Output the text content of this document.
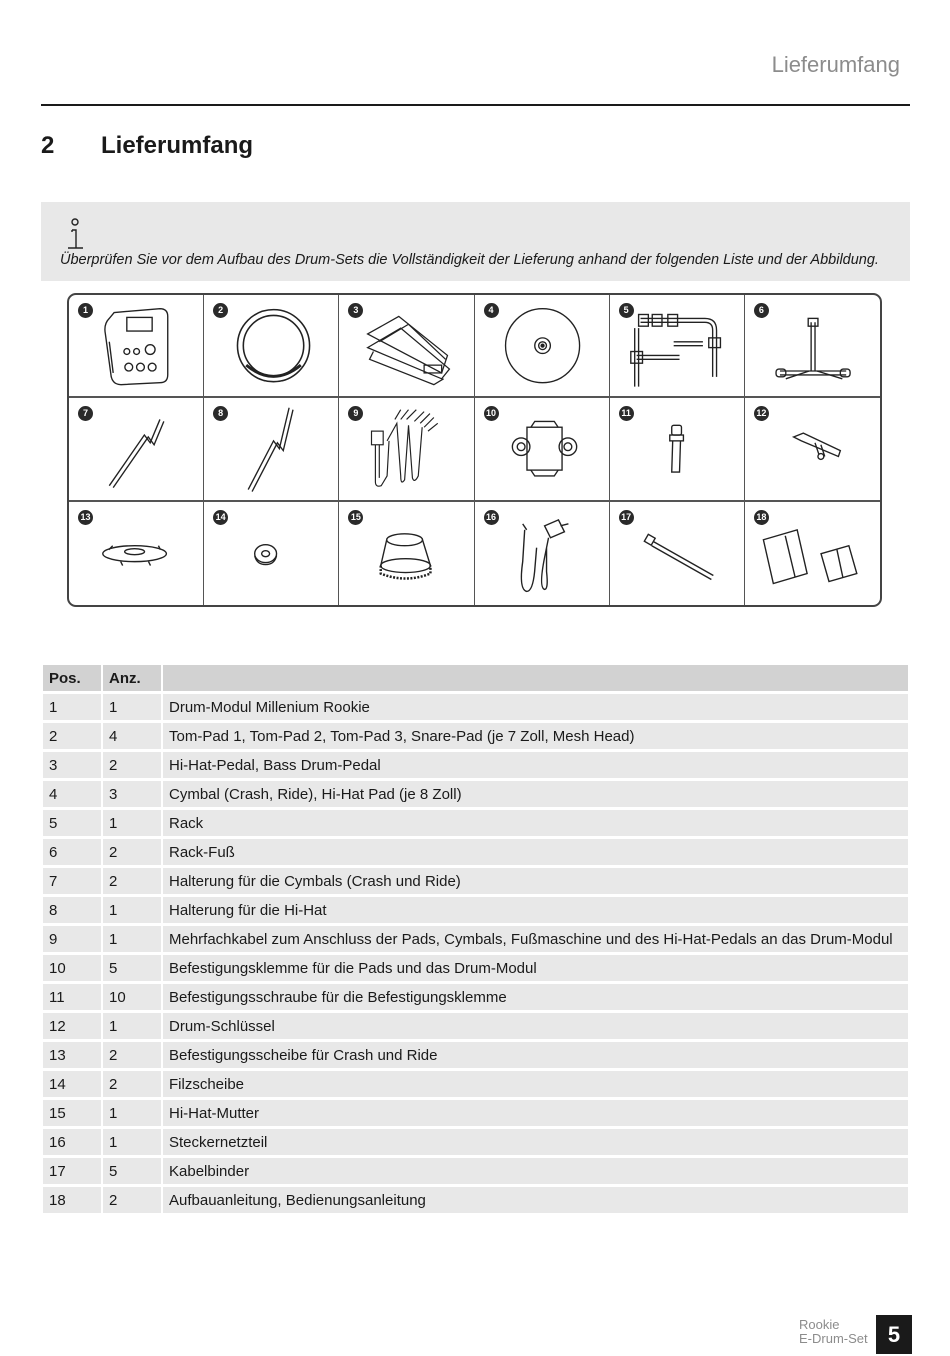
Lieferumfang
2 Lieferumfang
Überprüfen Sie vor dem Aufbau des Drum-Sets die Vollständigkeit der Lieferung anhand der folgenden Liste und der Abbildung.
1	2	3	4	5	6
7	8	9	10	11	12
13	14	15	16	17	18
Pos.	Anz.	
1	1	Drum-Modul Millenium Rookie
2	4	Tom-Pad 1, Tom-Pad 2, Tom-Pad 3, Snare-Pad (je 7 Zoll, Mesh Head)
3	2	Hi-Hat-Pedal, Bass Drum-Pedal
4	3	Cymbal (Crash, Ride), Hi-Hat Pad (je 8 Zoll)
5	1	Rack
6	2	Rack-Fuß
7	2	Halterung für die Cymbals (Crash und Ride)
8	1	Halterung für die Hi-Hat
9	1	Mehrfachkabel zum Anschluss der Pads, Cymbals, Fußmaschine und des Hi-Hat-Pedals an das Drum-Modul
10	5	Befestigungsklemme für die Pads und das Drum-Modul
11	10	Befestigungsschraube für die Befestigungsklemme
12	1	Drum-Schlüssel
13	2	Befestigungsscheibe für Crash und Ride
14	2	Filzscheibe
15	1	Hi-Hat-Mutter
16	1	Steckernetzteil
17	5	Kabelbinder
18	2	Aufbauanleitung, Bedienungsanleitung
Rookie
E-Drum-Set 5
